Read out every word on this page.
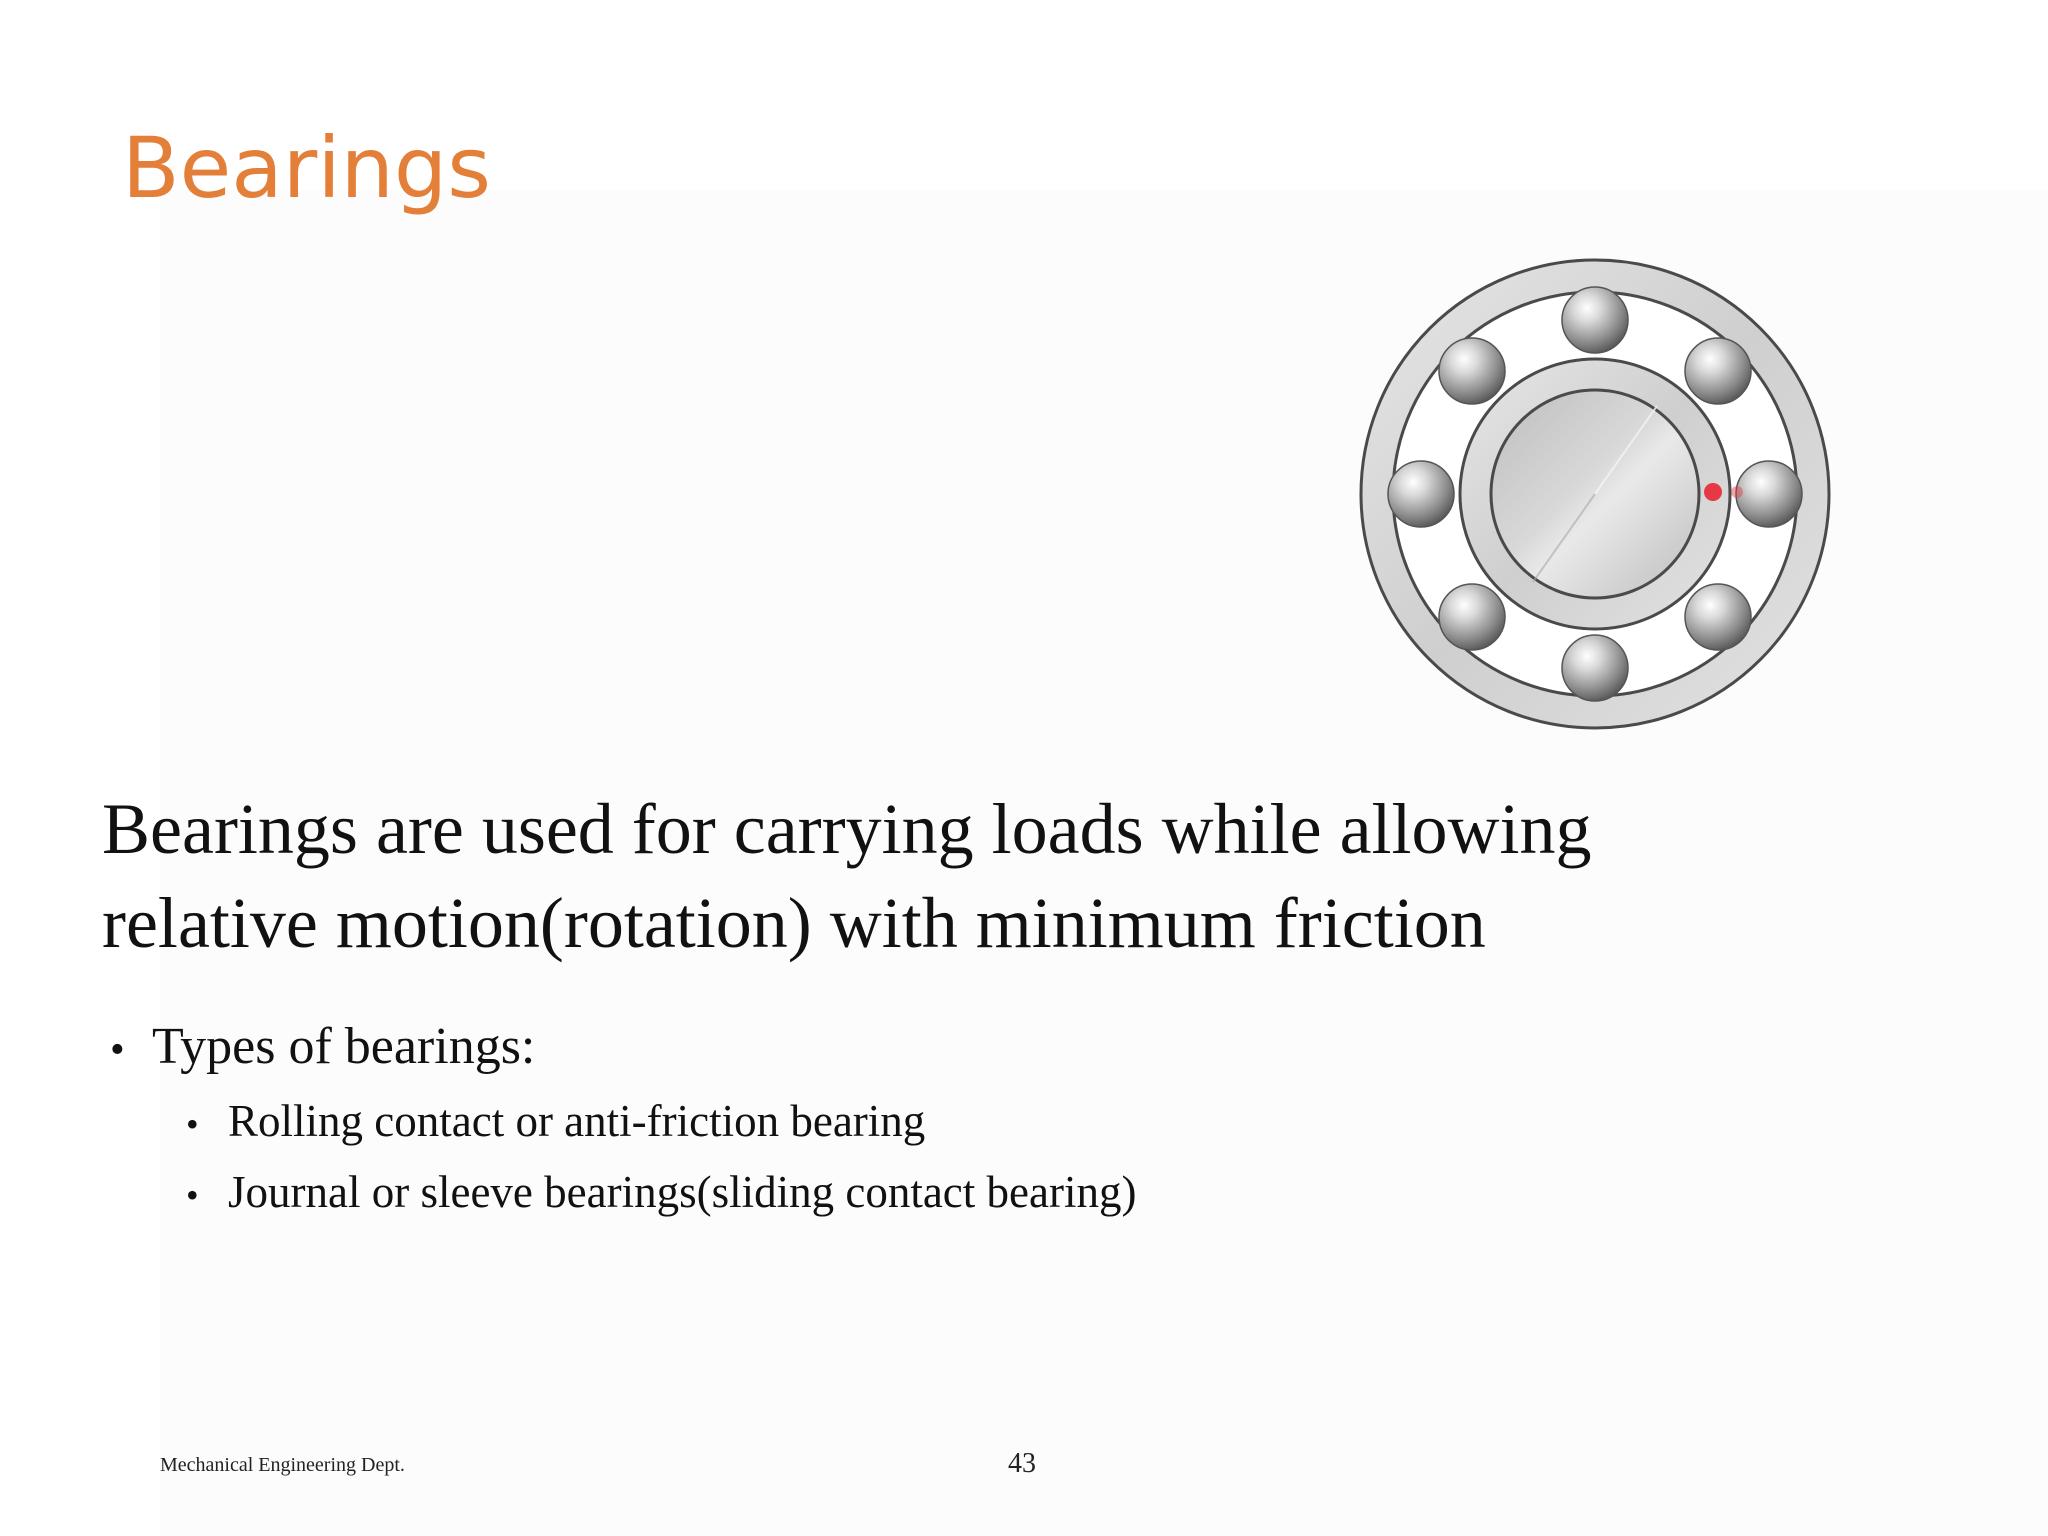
Bearings
Bearings are used for carrying loads while allowing
relative motion(rotation) with minimum friction
• Types of bearings:
• Rolling contact or anti-friction bearing
• Journal or sleeve bearings(sliding contact bearing)
Mechanical Engineering Dept.	43
